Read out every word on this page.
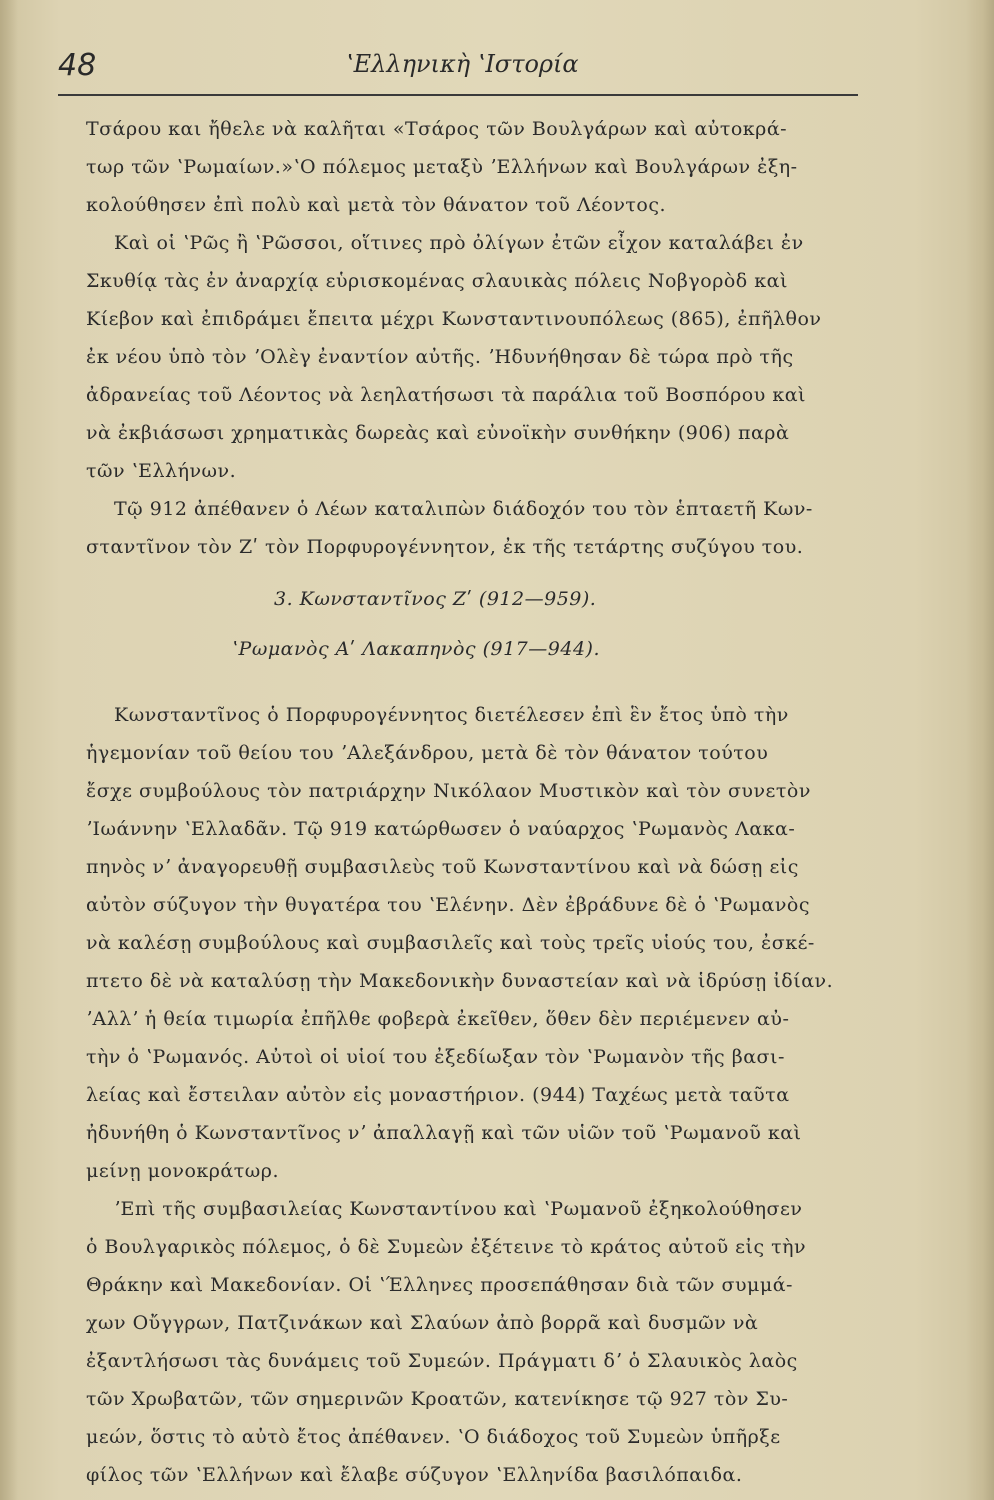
48	ʽΕλληνικὴ ʽΙστορία
Τσάρου και ἤθελε νὰ καλῆται «Τσάρος τῶν Βουλγάρων καὶ αὐτοκρά-
τωρ τῶν ʽΡωμαίων.»ʽΟ πόλεμος μεταξὺ ʼΕλλήνων καὶ Βουλγάρων ἐξη-
κολούθησεν ἐπὶ πολὺ καὶ μετὰ τὸν θάνατον τοῦ Λέοντος.
Καὶ οἱ ʽΡῶς ἢ ʽΡῶσσοι, οἵτινες πρὸ ὀλίγων ἐτῶν εἶχον καταλάβει ἐν
Σκυθίᾳ τὰς ἐν ἀναρχίᾳ εὑρισκομένας σλαυικὰς πόλεις Νοβγορὸδ καὶ
Κίεβον καὶ ἐπιδράμει ἔπειτα μέχρι Κωνσταντινουπόλεως (865), ἐπῆλθον
ἐκ νέου ὑπὸ τὸν ʼΟλὲγ ἐναντίον αὐτῆς. ʼΗδυνήθησαν δὲ τώρα πρὸ τῆς
ἀδρανείας τοῦ Λέοντος νὰ λεηλατήσωσι τὰ παράλια τοῦ Βοσπόρου καὶ
νὰ ἐκβιάσωσι χρηματικὰς δωρεὰς καὶ εὐνοϊκὴν συνθήκην (906) παρὰ
τῶν ʽΕλλήνων.
Τῷ 912 ἀπέθανεν ὁ Λέων καταλιπὼν διάδοχόν του τὸν ἑπταετῆ Κων-
σταντῖνον τὸν Ζʹ τὸν Πορφυρογέννητον, ἐκ τῆς τετάρτης συζύγου του.
3. Κωνσταντῖνος Ζʹ (912—959).
ʽΡωμανὸς Αʹ Λακαπηνὸς (917—944).
Κωνσταντῖνος ὁ Πορφυρογέννητος διετέλεσεν ἐπὶ ἓν ἔτος ὑπὸ τὴν
ἡγεμονίαν τοῦ θείου του ʼΑλεξάνδρου, μετὰ δὲ τὸν θάνατον τούτου
ἔσχε συμβούλους τὸν πατριάρχην Νικόλαον Μυστικὸν καὶ τὸν συνετὸν
ʼΙωάννην ʽΕλλαδᾶν. Τῷ 919 κατώρθωσεν ὁ ναύαρχος ʽΡωμανὸς Λακα-
πηνὸς νʼ ἀναγορευθῇ συμβασιλεὺς τοῦ Κωνσταντίνου καὶ νὰ δώσῃ εἰς
αὐτὸν σύζυγον τὴν θυγατέρα του ʽΕλένην. Δὲν ἐβράδυνε δὲ ὁ ʽΡωμανὸς
νὰ καλέσῃ συμβούλους καὶ συμβασιλεῖς καὶ τοὺς τρεῖς υἱούς του, ἐσκέ-
πτετο δὲ νὰ καταλύσῃ τὴν Μακεδονικὴν δυναστείαν καὶ νὰ ἱδρύσῃ ἰδίαν.
ʼΑλλʼ ἡ θεία τιμωρία ἐπῆλθε φοβερὰ ἐκεῖθεν, ὅθεν δὲν περιέμενεν αὐ-
τὴν ὁ ʽΡωμανός. Αὐτοὶ οἱ υἱοί του ἐξεδίωξαν τὸν ʽΡωμανὸν τῆς βασι-
λείας καὶ ἔστειλαν αὐτὸν εἰς μοναστήριον. (944) Ταχέως μετὰ ταῦτα
ἠδυνήθη ὁ Κωνσταντῖνος νʼ ἀπαλλαγῇ καὶ τῶν υἱῶν τοῦ ʽΡωμανοῦ καὶ
μείνῃ μονοκράτωρ.
ʼΕπὶ τῆς συμβασιλείας Κωνσταντίνου καὶ ʽΡωμανοῦ ἐξηκολούθησεν
ὁ Βουλγαρικὸς πόλεμος, ὁ δὲ Συμεὼν ἐξέτεινε τὸ κράτος αὐτοῦ εἰς τὴν
Θράκην καὶ Μακεδονίαν. Οἱ ʽΈλληνες προσεπάθησαν διὰ τῶν συμμά-
χων Οὔγγρων, Πατζινάκων καὶ Σλαύων ἀπὸ βορρᾶ καὶ δυσμῶν νὰ
ἐξαντλήσωσι τὰς δυνάμεις τοῦ Συμεών. Πράγματι δʼ ὁ Σλαυικὸς λαὸς
τῶν Χρωβατῶν, τῶν σημερινῶν Κροατῶν, κατενίκησε τῷ 927 τὸν Συ-
μεών, ὅστις τὸ αὐτὸ ἔτος ἀπέθανεν. ʽΟ διάδοχος τοῦ Συμεὼν ὑπῆρξε
φίλος τῶν ʽΕλλήνων καὶ ἔλαβε σύζυγον ʽΕλληνίδα βασιλόπαιδα.
